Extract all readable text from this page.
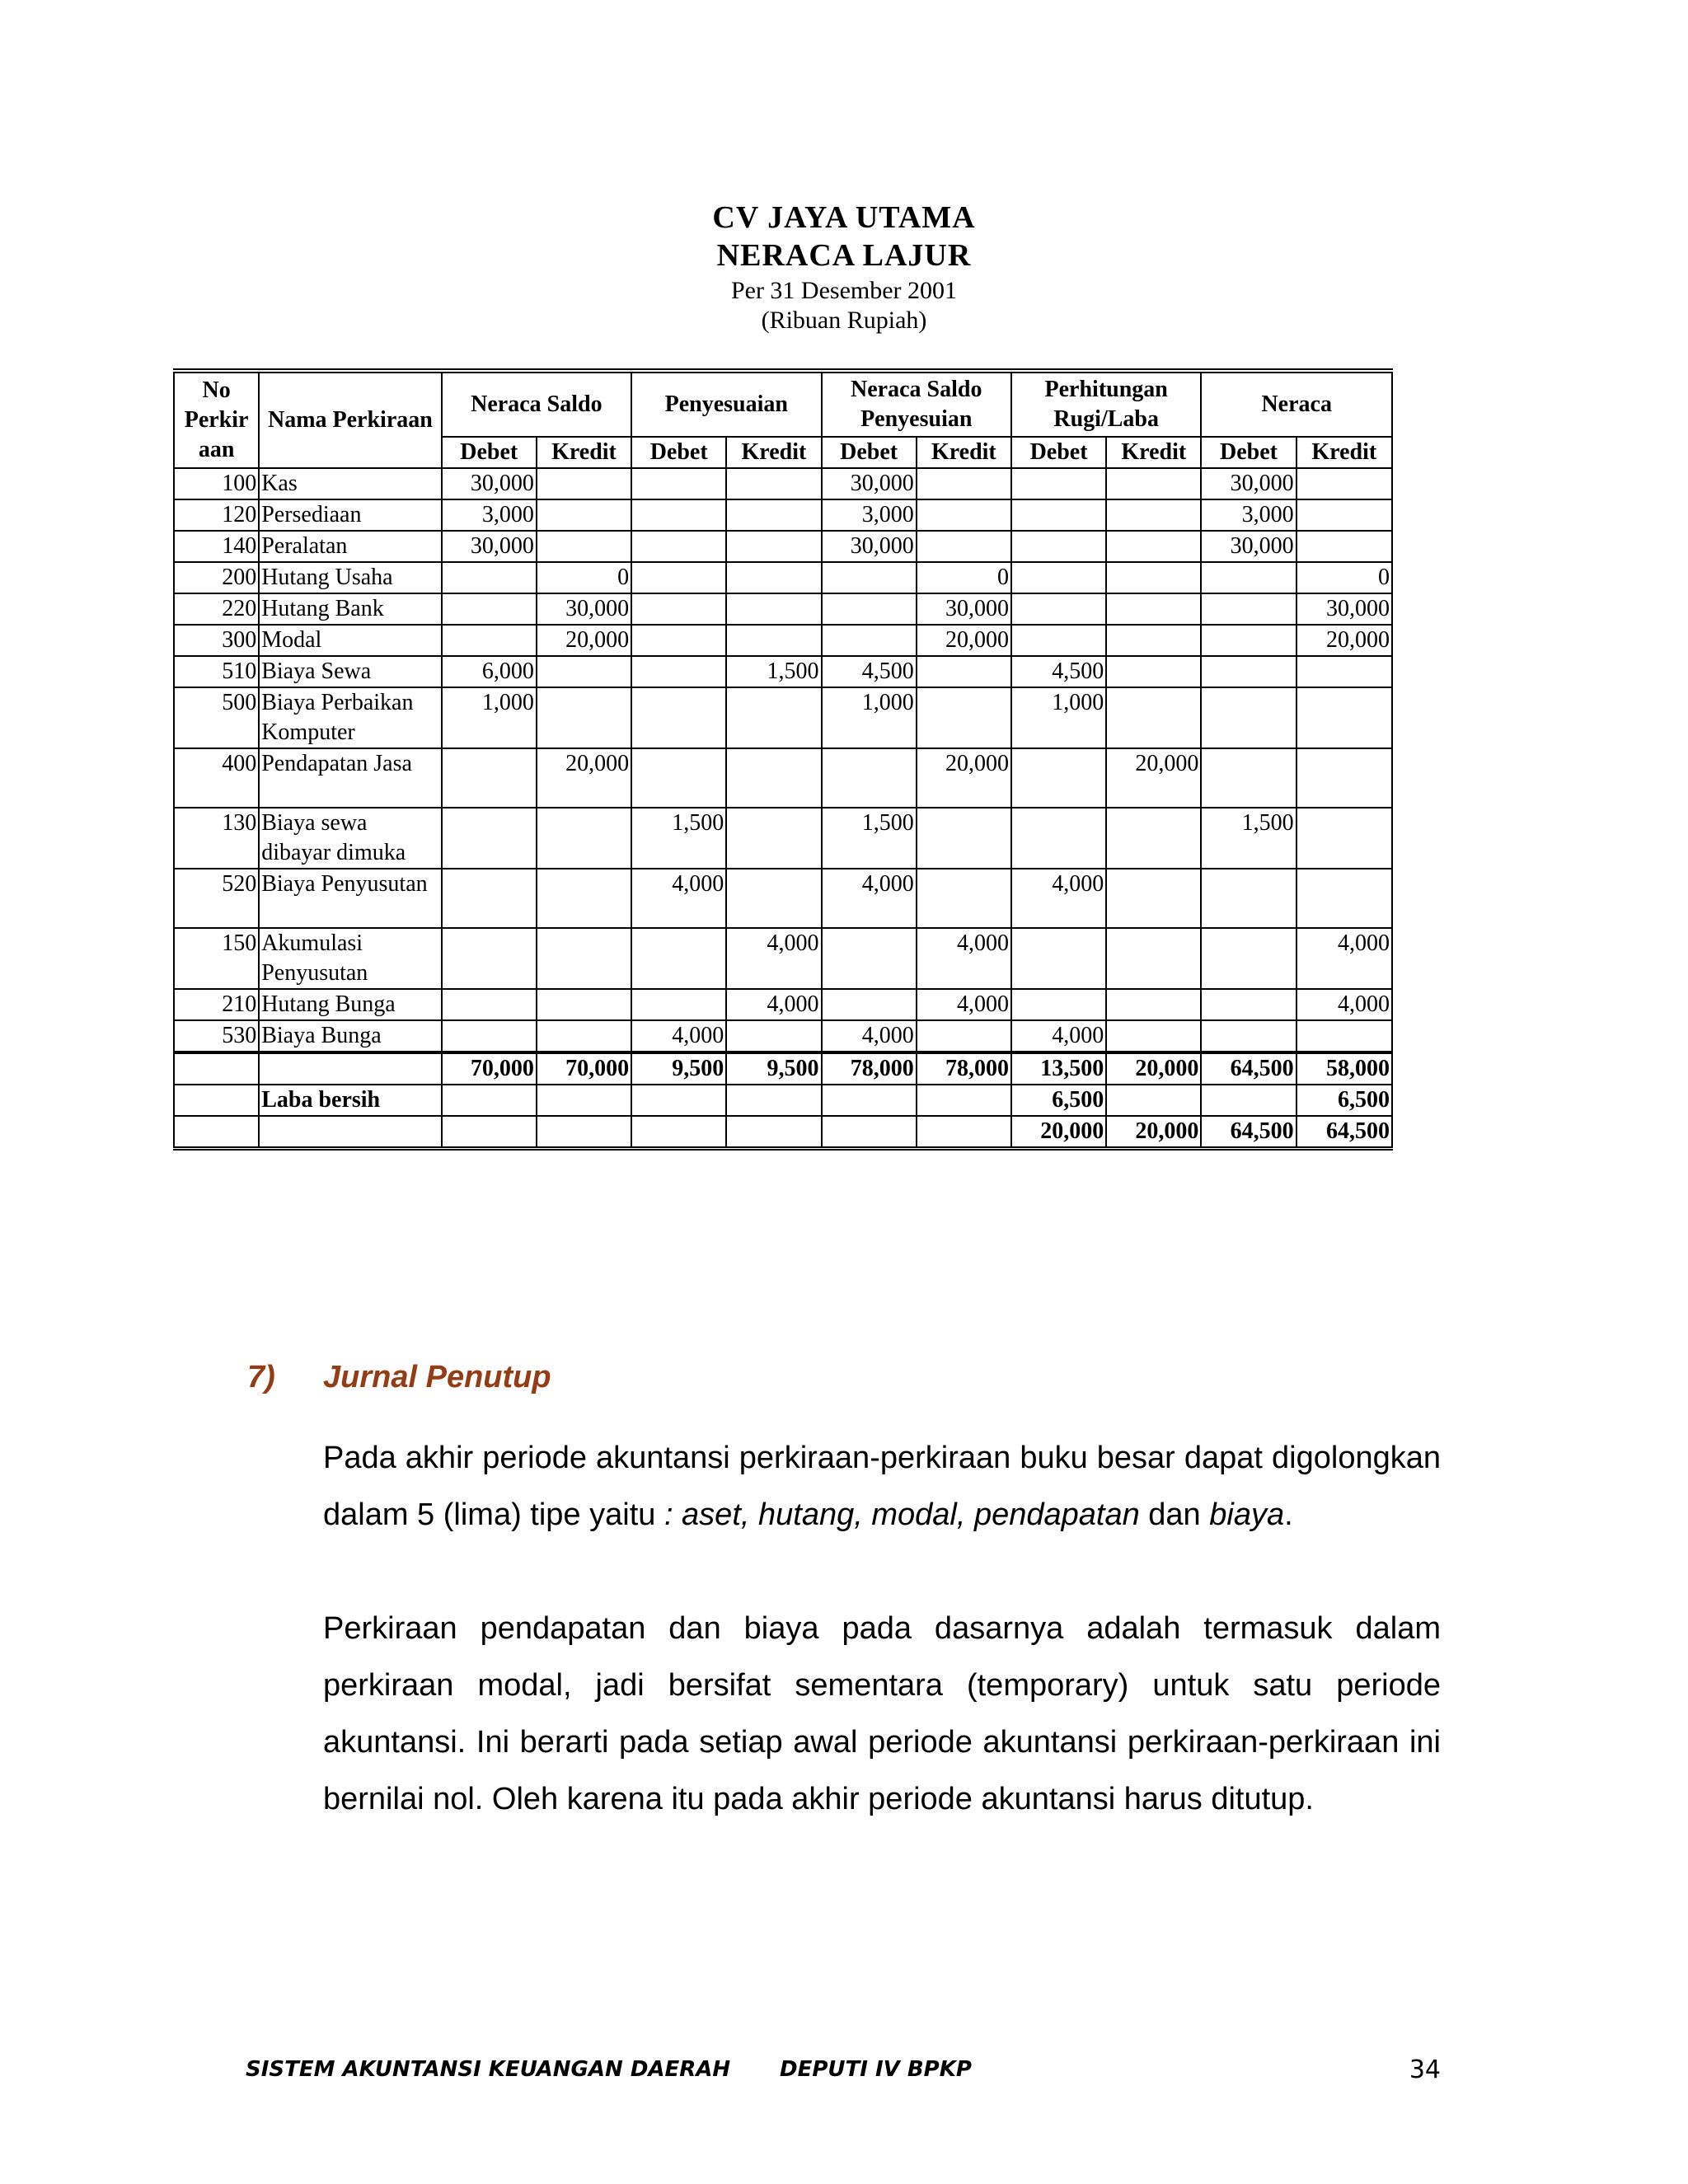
CV JAYA UTAMA
NERACA LAJUR
Per 31 Desember 2001
(Ribuan Rupiah)
No Perkir aan	Nama Perkiraan	Neraca Saldo		Penyesuaian		Neraca Saldo Penyesuian		Perhitungan Rugi/Laba		Neraca	
		Debet	Kredit	Debet	Kredit	Debet	Kredit	Debet	Kredit	Debet	Kredit
100	Kas	30,000				30,000				30,000	
120	Persediaan	3,000				3,000				3,000	
140	Peralatan	30,000				30,000				30,000	
200	Hutang Usaha		0				0				0
220	Hutang Bank		30,000				30,000				30,000
300	Modal		20,000				20,000				20,000
510	Biaya Sewa	6,000			1,500	4,500		4,500			
500	Biaya Perbaikan Komputer	1,000				1,000		1,000			
400	Pendapatan Jasa		20,000				20,000		20,000		
130	Biaya sewa dibayar dimuka			1,500		1,500				1,500	
520	Biaya Penyusutan			4,000		4,000		4,000			
150	Akumulasi Penyusutan				4,000		4,000				4,000
210	Hutang Bunga				4,000		4,000				4,000
530	Biaya Bunga			4,000		4,000		4,000			
		70,000	70,000	9,500	9,500	78,000	78,000	13,500	20,000	64,500	58,000
	Laba bersih							6,500			6,500
								20,000	20,000	64,500	64,500
7) Jurnal Penutup
Pada akhir periode akuntansi perkiraan-perkiraan buku besar dapat digolongkan dalam 5 (lima) tipe yaitu : aset, hutang, modal, pendapatan dan biaya.
Perkiraan pendapatan dan biaya pada dasarnya adalah termasuk dalam perkiraan modal, jadi bersifat sementara (temporary) untuk satu periode akuntansi. Ini berarti pada setiap awal periode akuntansi perkiraan-perkiraan ini bernilai nol. Oleh karena itu pada akhir periode akuntansi harus ditutup.
SISTEM AKUNTANSI KEUANGAN DAERAH DEPUTI IV BPKP	34
